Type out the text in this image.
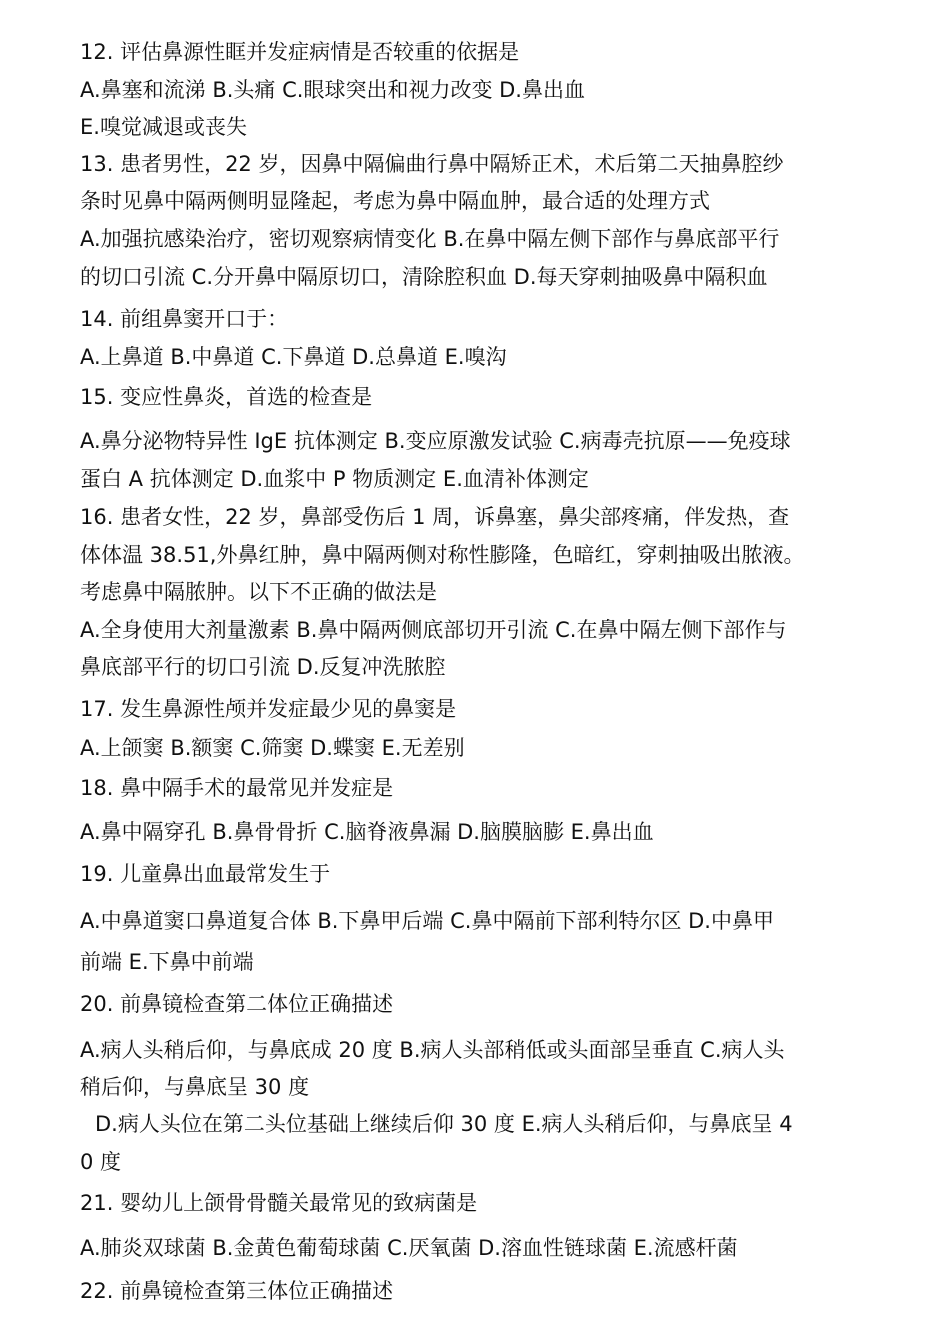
12. 评估鼻源性眶并发症病情是否较重的依据是
A.鼻塞和流涕 B.头痛 C.眼球突出和视力改变 D.鼻出血
E.嗅觉减退或丧失
13. 患者男性，22 岁，因鼻中隔偏曲行鼻中隔矫正术，术后第二天抽鼻腔纱
条时见鼻中隔两侧明显隆起，考虑为鼻中隔血肿，最合适的处理方式
A.加强抗感染治疗，密切观察病情变化 B.在鼻中隔左侧下部作与鼻底部平行
的切口引流 C.分开鼻中隔原切口，清除腔积血 D.每天穿刺抽吸鼻中隔积血
14. 前组鼻窦开口于：
A.上鼻道 B.中鼻道 C.下鼻道 D.总鼻道 E.嗅沟
15. 变应性鼻炎，首选的检查是
A.鼻分泌物特异性 IgE 抗体测定 B.变应原激发试验 C.病毒壳抗原——免疫球
蛋白 A 抗体测定 D.血浆中 P 物质测定 E.血清补体测定
16. 患者女性，22 岁，鼻部受伤后 1 周，诉鼻塞，鼻尖部疼痛，伴发热，查
体体温 38.51,外鼻红肿，鼻中隔两侧对称性膨隆，色暗红，穿刺抽吸出脓液。
考虑鼻中隔脓肿。以下不正确的做法是
A.全身使用大剂量激素 B.鼻中隔两侧底部切开引流 C.在鼻中隔左侧下部作与
鼻底部平行的切口引流 D.反复冲洗脓腔
17. 发生鼻源性颅并发症最少见的鼻窦是
A.上颌窦 B.额窦 C.筛窦 D.蝶窦 E.无差别
18. 鼻中隔手术的最常见并发症是
A.鼻中隔穿孔 B.鼻骨骨折 C.脑脊液鼻漏 D.脑膜脑膨 E.鼻出血
19. 儿童鼻出血最常发生于
A.中鼻道窦口鼻道复合体 B.下鼻甲后端 C.鼻中隔前下部利特尔区 D.中鼻甲
前端 E.下鼻中前端
20. 前鼻镜检查第二体位正确描述
A.病人头稍后仰，与鼻底成 20 度 B.病人头部稍低或头面部呈垂直 C.病人头
稍后仰，与鼻底呈 30 度
D.病人头位在第二头位基础上继续后仰 30 度 E.病人头稍后仰，与鼻底呈 4
0 度
21. 婴幼儿上颌骨骨髓关最常见的致病菌是
A.肺炎双球菌 B.金黄色葡萄球菌 C.厌氧菌 D.溶血性链球菌 E.流感杆菌
22. 前鼻镜检查第三体位正确描述
